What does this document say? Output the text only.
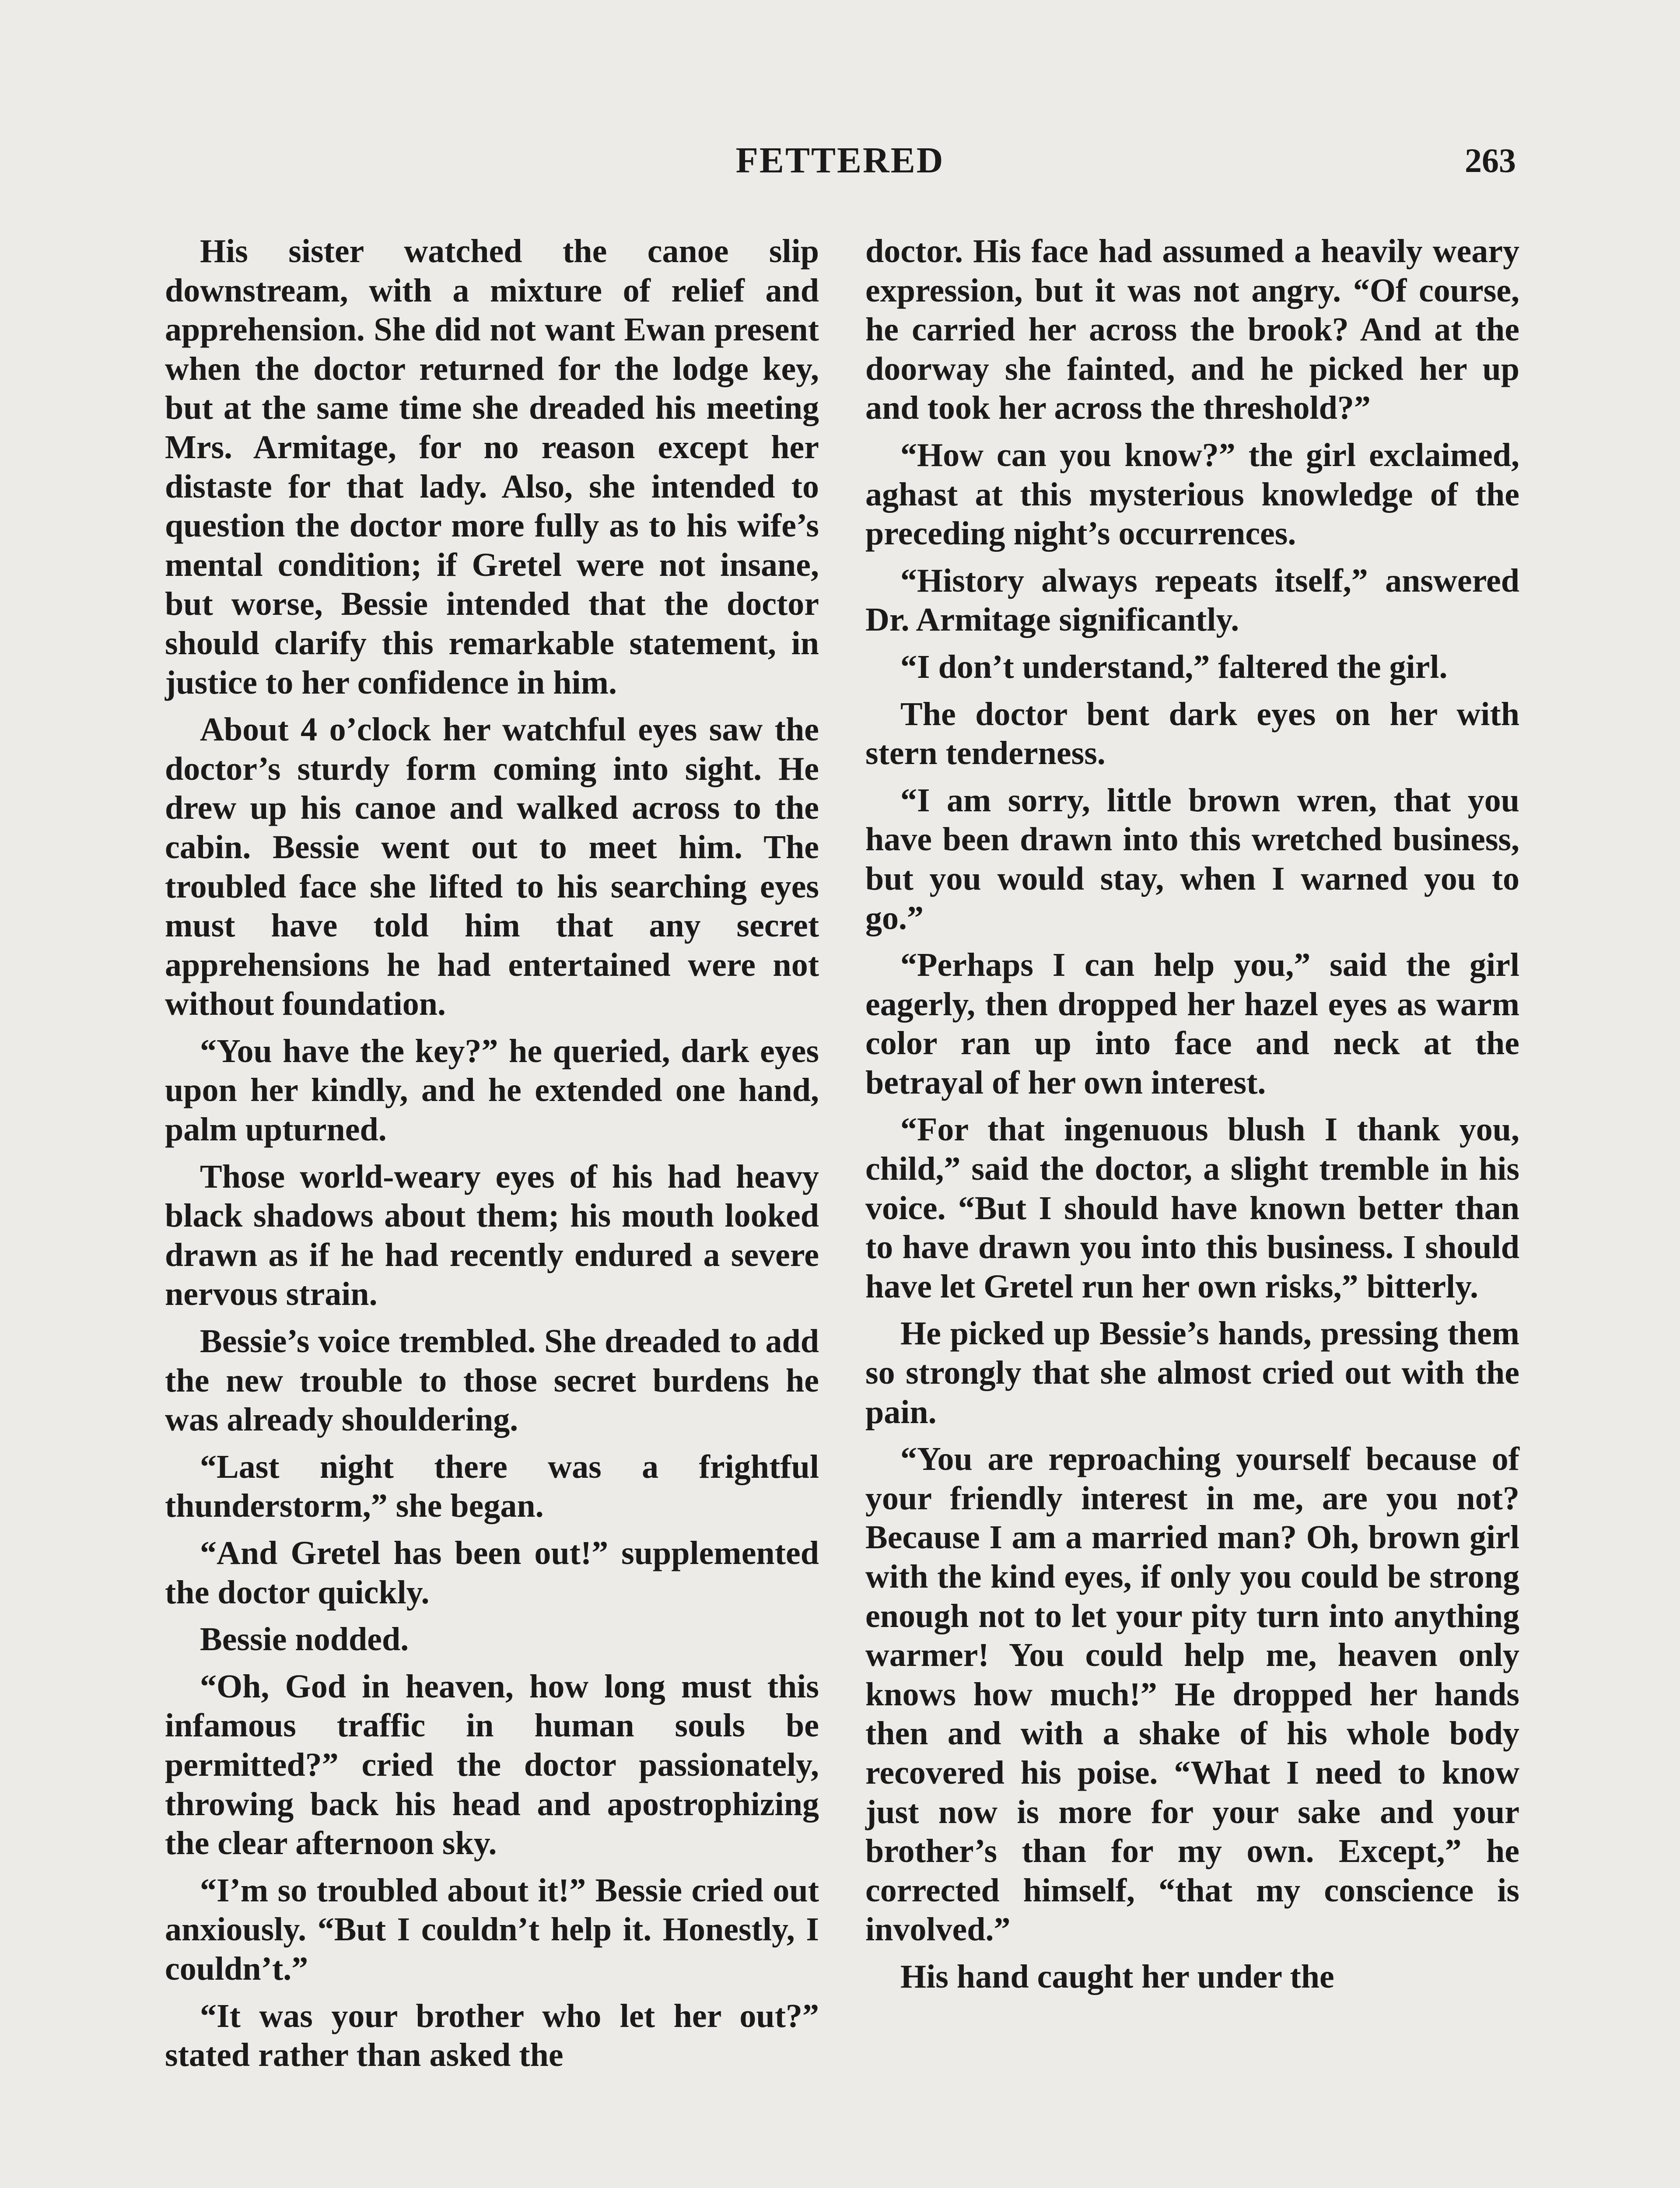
FETTERED	263

His sister watched the canoe slip downstream, with a mixture of relief and apprehension. She did not want Ewan present when the doctor returned for the lodge key, but at the same time she dreaded his meeting Mrs. Armitage, for no reason except her distaste for that lady. Also, she intended to question the doctor more fully as to his wife’s mental condition; if Gretel were not insane, but worse, Bessie intended that the doctor should clarify this remarkable statement, in justice to her confidence in him.

About 4 o’clock her watchful eyes saw the doctor’s sturdy form coming into sight. He drew up his canoe and walked across to the cabin. Bessie went out to meet him. The troubled face she lifted to his searching eyes must have told him that any secret apprehensions he had entertained were not without foundation.

“You have the key?” he queried, dark eyes upon her kindly, and he extended one hand, palm upturned.

Those world-weary eyes of his had heavy black shadows about them; his mouth looked drawn as if he had recently endured a severe nervous strain.

Bessie’s voice trembled. She dreaded to add the new trouble to those secret burdens he was already shouldering.

“Last night there was a frightful thunderstorm,” she began.

“And Gretel has been out!” supplemented the doctor quickly.

Bessie nodded.

“Oh, God in heaven, how long must this infamous traffic in human souls be permitted?” cried the doctor passionately, throwing back his head and apostrophizing the clear afternoon sky.

“I’m so troubled about it!” Bessie cried out anxiously. “But I couldn’t help it. Honestly, I couldn’t.”

“It was your brother who let her out?” stated rather than asked the

doctor. His face had assumed a heavily weary expression, but it was not angry. “Of course, he carried her across the brook? And at the doorway she fainted, and he picked her up and took her across the threshold?”

“How can you know?” the girl exclaimed, aghast at this mysterious knowledge of the preceding night’s occurrences.

“History always repeats itself,” answered Dr. Armitage significantly.

“I don’t understand,” faltered the girl.

The doctor bent dark eyes on her with stern tenderness.

“I am sorry, little brown wren, that you have been drawn into this wretched business, but you would stay, when I warned you to go.”

“Perhaps I can help you,” said the girl eagerly, then dropped her hazel eyes as warm color ran up into face and neck at the betrayal of her own interest.

“For that ingenuous blush I thank you, child,” said the doctor, a slight tremble in his voice. “But I should have known better than to have drawn you into this business. I should have let Gretel run her own risks,” bitterly.

He picked up Bessie’s hands, pressing them so strongly that she almost cried out with the pain.

“You are reproaching yourself because of your friendly interest in me, are you not? Because I am a married man? Oh, brown girl with the kind eyes, if only you could be strong enough not to let your pity turn into anything warmer! You could help me, heaven only knows how much!” He dropped her hands then and with a shake of his whole body recovered his poise. “What I need to know just now is more for your sake and your brother’s than for my own. Except,” he corrected himself, “that my conscience is involved.”

His hand caught her under the
